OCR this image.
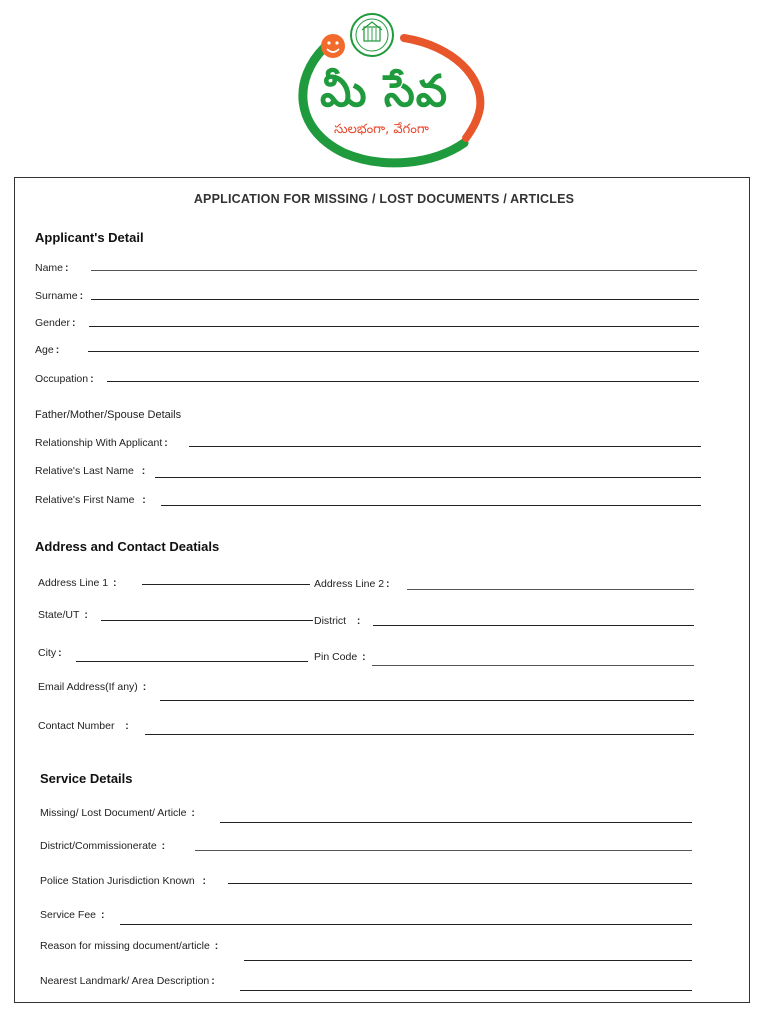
మీ సేవ
సులభంగా, వేగంగా
APPLICATION FOR MISSING / LOST DOCUMENTS / ARTICLES
Applicant's Detail
Name :
Surname :
Gender :
Age :
Occupation :
Father/Mother/Spouse Details
Relationship With Applicant :
Relative's Last Name :
Relative's First Name :
Address and Contact Deatials
Address Line 1 :	Address Line 2 :
State/UT :	District :
City :	Pin Code :
Email Address(If any) :
Contact Number :
Service Details
Missing/ Lost Document/ Article :
District/Commissionerate :
Police Station Jurisdiction Known :
Service Fee :
Reason for missing document/article :
Nearest Landmark/ Area Description :
